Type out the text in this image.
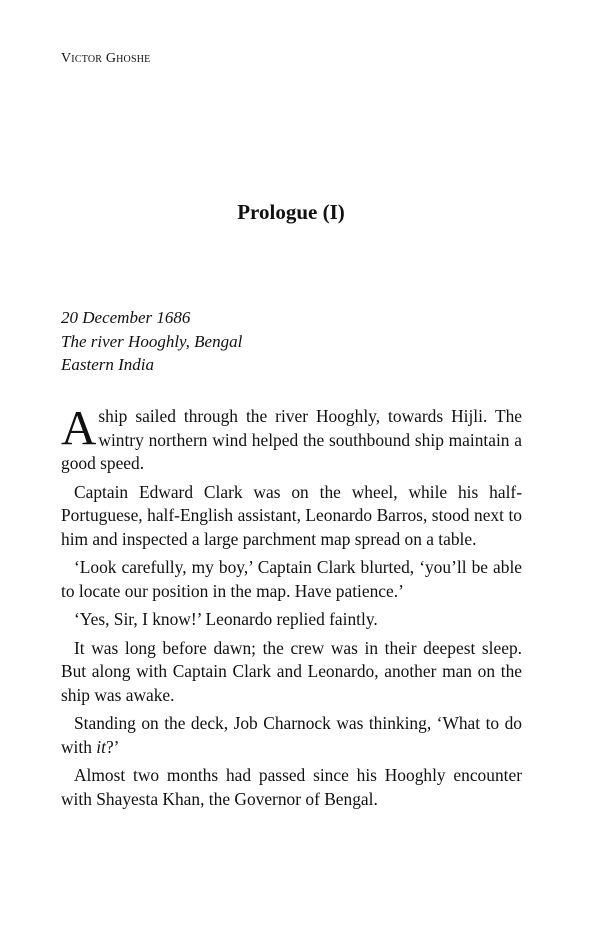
Victor Ghoshe
Prologue (I)
20 December 1686
The river Hooghly, Bengal
Eastern India

A ship sailed through the river Hooghly, towards Hijli. The wintry northern wind helped the southbound ship maintain a good speed.

Captain Edward Clark was on the wheel, while his half-Portuguese, half-English assistant, Leonardo Barros, stood next to him and inspected a large parchment map spread on a table.

‘Look carefully, my boy,’ Captain Clark blurted, ‘you’ll be able to locate our position in the map. Have patience.’

‘Yes, Sir, I know!’ Leonardo replied faintly.

It was long before dawn; the crew was in their deepest sleep. But along with Captain Clark and Leonardo, another man on the ship was awake.

Standing on the deck, Job Charnock was thinking, ‘What to do with it?’

Almost two months had passed since his Hooghly encounter with Shayesta Khan, the Governor of Bengal.
